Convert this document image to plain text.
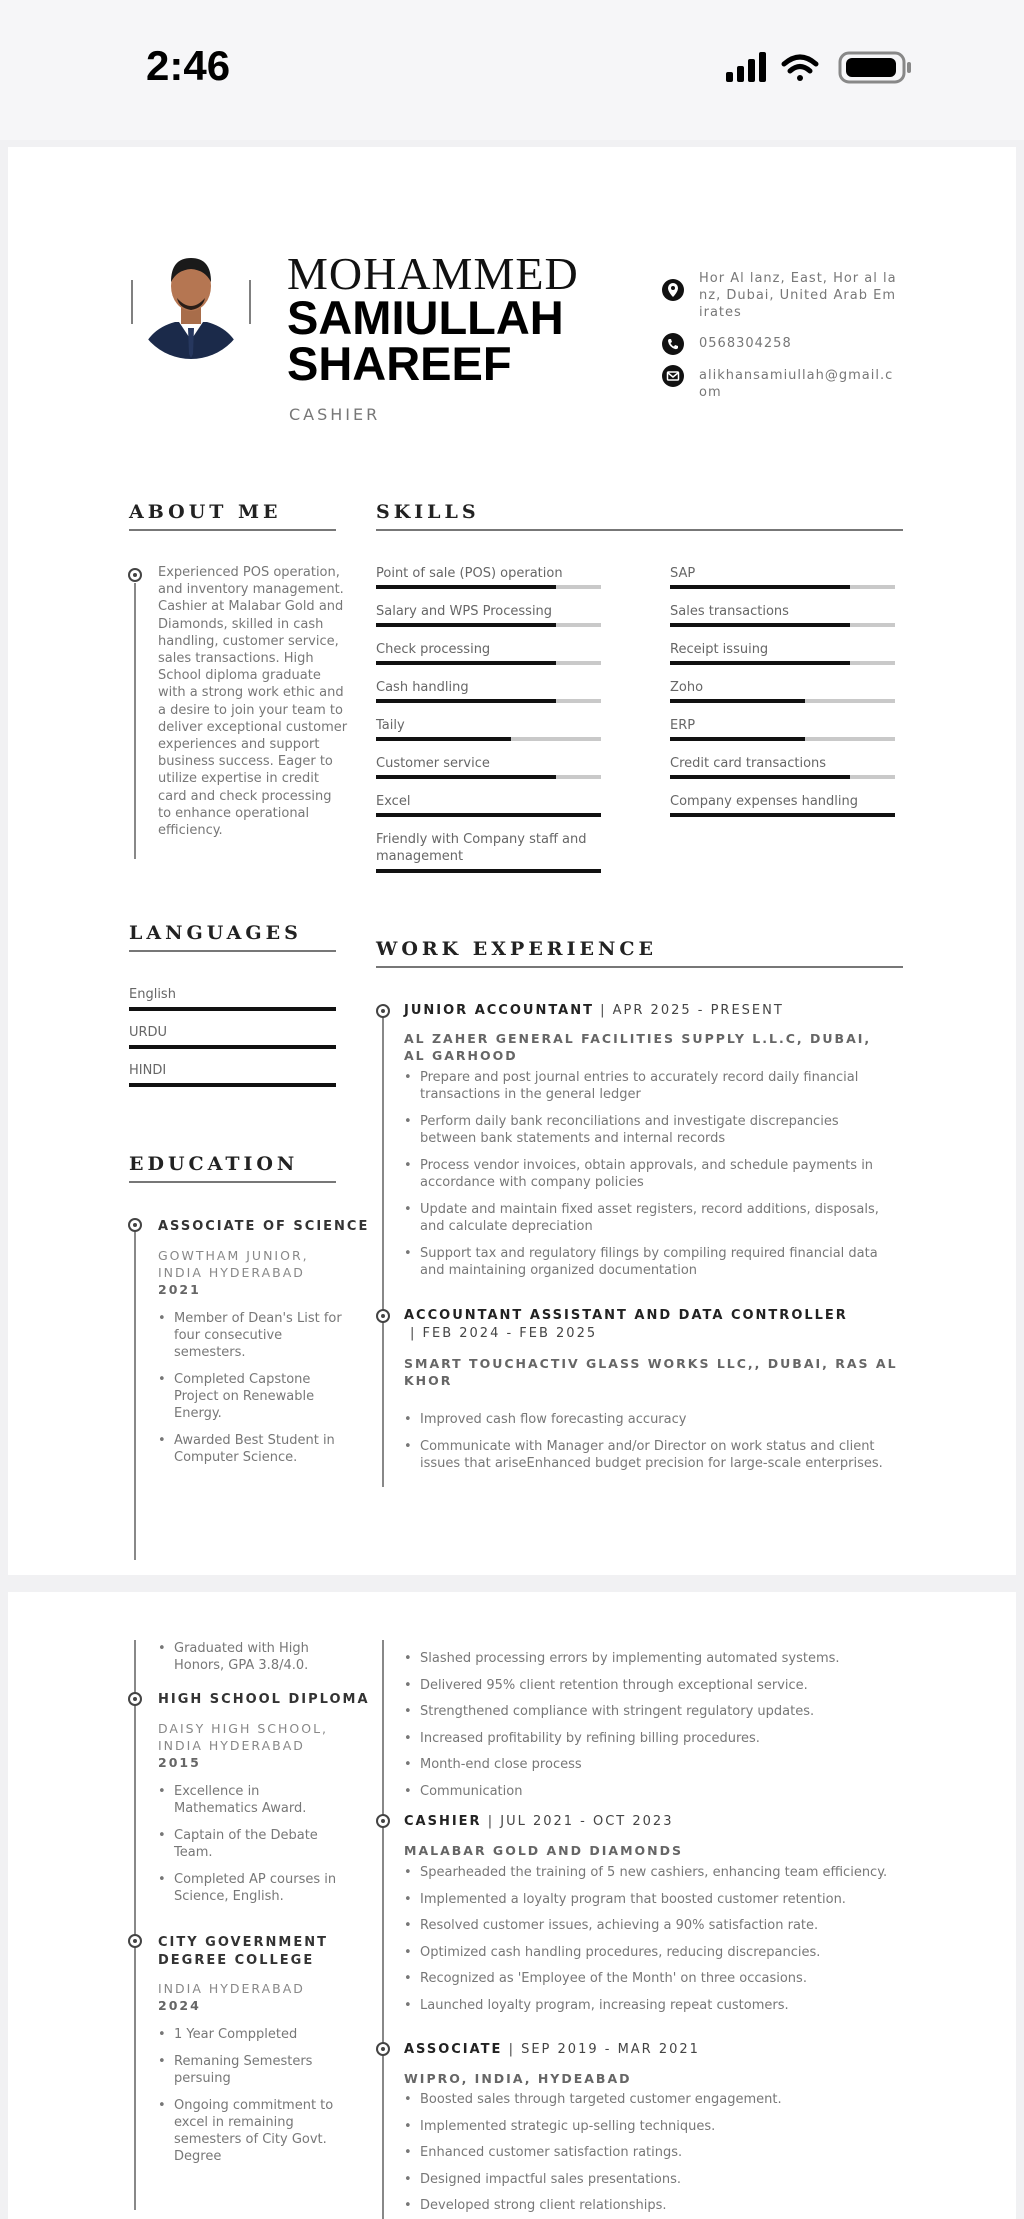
2:46
MOHAMMED
SAMIULLAH
SHAREEF
CASHIER
Hor Al lanz, East, Hor al lanz, Dubai, United Arab Emirates
0568304258
alikhansamiullah@gmail.com
ABOUT ME
Experienced POS operation, and inventory management. Cashier at Malabar Gold and Diamonds, skilled in cash handling, customer service, sales transactions. High School diploma graduate with a strong work ethic and a desire to join your team to deliver exceptional customer experiences and support business success. Eager to utilize expertise in credit card and check processing to enhance operational efficiency.
SKILLS
Point of sale (POS) operation
Salary and WPS Processing
Check processing
Cash handling
Taily
Customer service
Excel
Friendly with Company staff and management
SAP
Sales transactions
Receipt issuing
Zoho
ERP
Credit card transactions
Company expenses handling
LANGUAGES
English
URDU
HINDI
EDUCATION
ASSOCIATE OF SCIENCE
GOWTHAM JUNIOR, INDIA HYDERABAD
2021
• Member of Dean's List for four consecutive semesters.
• Completed Capstone Project on Renewable Energy.
• Awarded Best Student in Computer Science.
WORK EXPERIENCE
JUNIOR ACCOUNTANT | APR 2025 - PRESENT
AL ZAHER GENERAL FACILITIES SUPPLY L.L.C, DUBAI, AL GARHOOD
• Prepare and post journal entries to accurately record daily financial transactions in the general ledger
• Perform daily bank reconciliations and investigate discrepancies between bank statements and internal records
• Process vendor invoices, obtain approvals, and schedule payments in accordance with company policies
• Update and maintain fixed asset registers, record additions, disposals, and calculate depreciation
• Support tax and regulatory filings by compiling required financial data and maintaining organized documentation
ACCOUNTANT ASSISTANT AND DATA CONTROLLER
| FEB 2024 - FEB 2025
SMART TOUCHACTIV GLASS WORKS LLC,, DUBAI, RAS AL KHOR
• Improved cash flow forecasting accuracy
• Communicate with Manager and/or Director on work status and client issues that ariseEnhanced budget precision for large-scale enterprises.
• Graduated with High Honors, GPA 3.8/4.0.
HIGH SCHOOL DIPLOMA
DAISY HIGH SCHOOL, INDIA HYDERABAD
2015
• Excellence in Mathematics Award.
• Captain of the Debate Team.
• Completed AP courses in Science, English.
CITY GOVERNMENT DEGREE COLLEGE
INDIA HYDERABAD
2024
• 1 Year Comppleted
• Remaning Semesters persuing
• Ongoing commitment to excel in remaining semesters of City Govt. Degree
• Slashed processing errors by implementing automated systems.
• Delivered 95% client retention through exceptional service.
• Strengthened compliance with stringent regulatory updates.
• Increased profitability by refining billing procedures.
• Month-end close process
• Communication
CASHIER | JUL 2021 - OCT 2023
MALABAR GOLD AND DIAMONDS
• Spearheaded the training of 5 new cashiers, enhancing team efficiency.
• Implemented a loyalty program that boosted customer retention.
• Resolved customer issues, achieving a 90% satisfaction rate.
• Optimized cash handling procedures, reducing discrepancies.
• Recognized as 'Employee of the Month' on three occasions.
• Launched loyalty program, increasing repeat customers.
ASSOCIATE | SEP 2019 - MAR 2021
WIPRO, INDIA, HYDEABAD
• Boosted sales through targeted customer engagement.
• Implemented strategic up-selling techniques.
• Enhanced customer satisfaction ratings.
• Designed impactful sales presentations.
• Developed strong client relationships.
